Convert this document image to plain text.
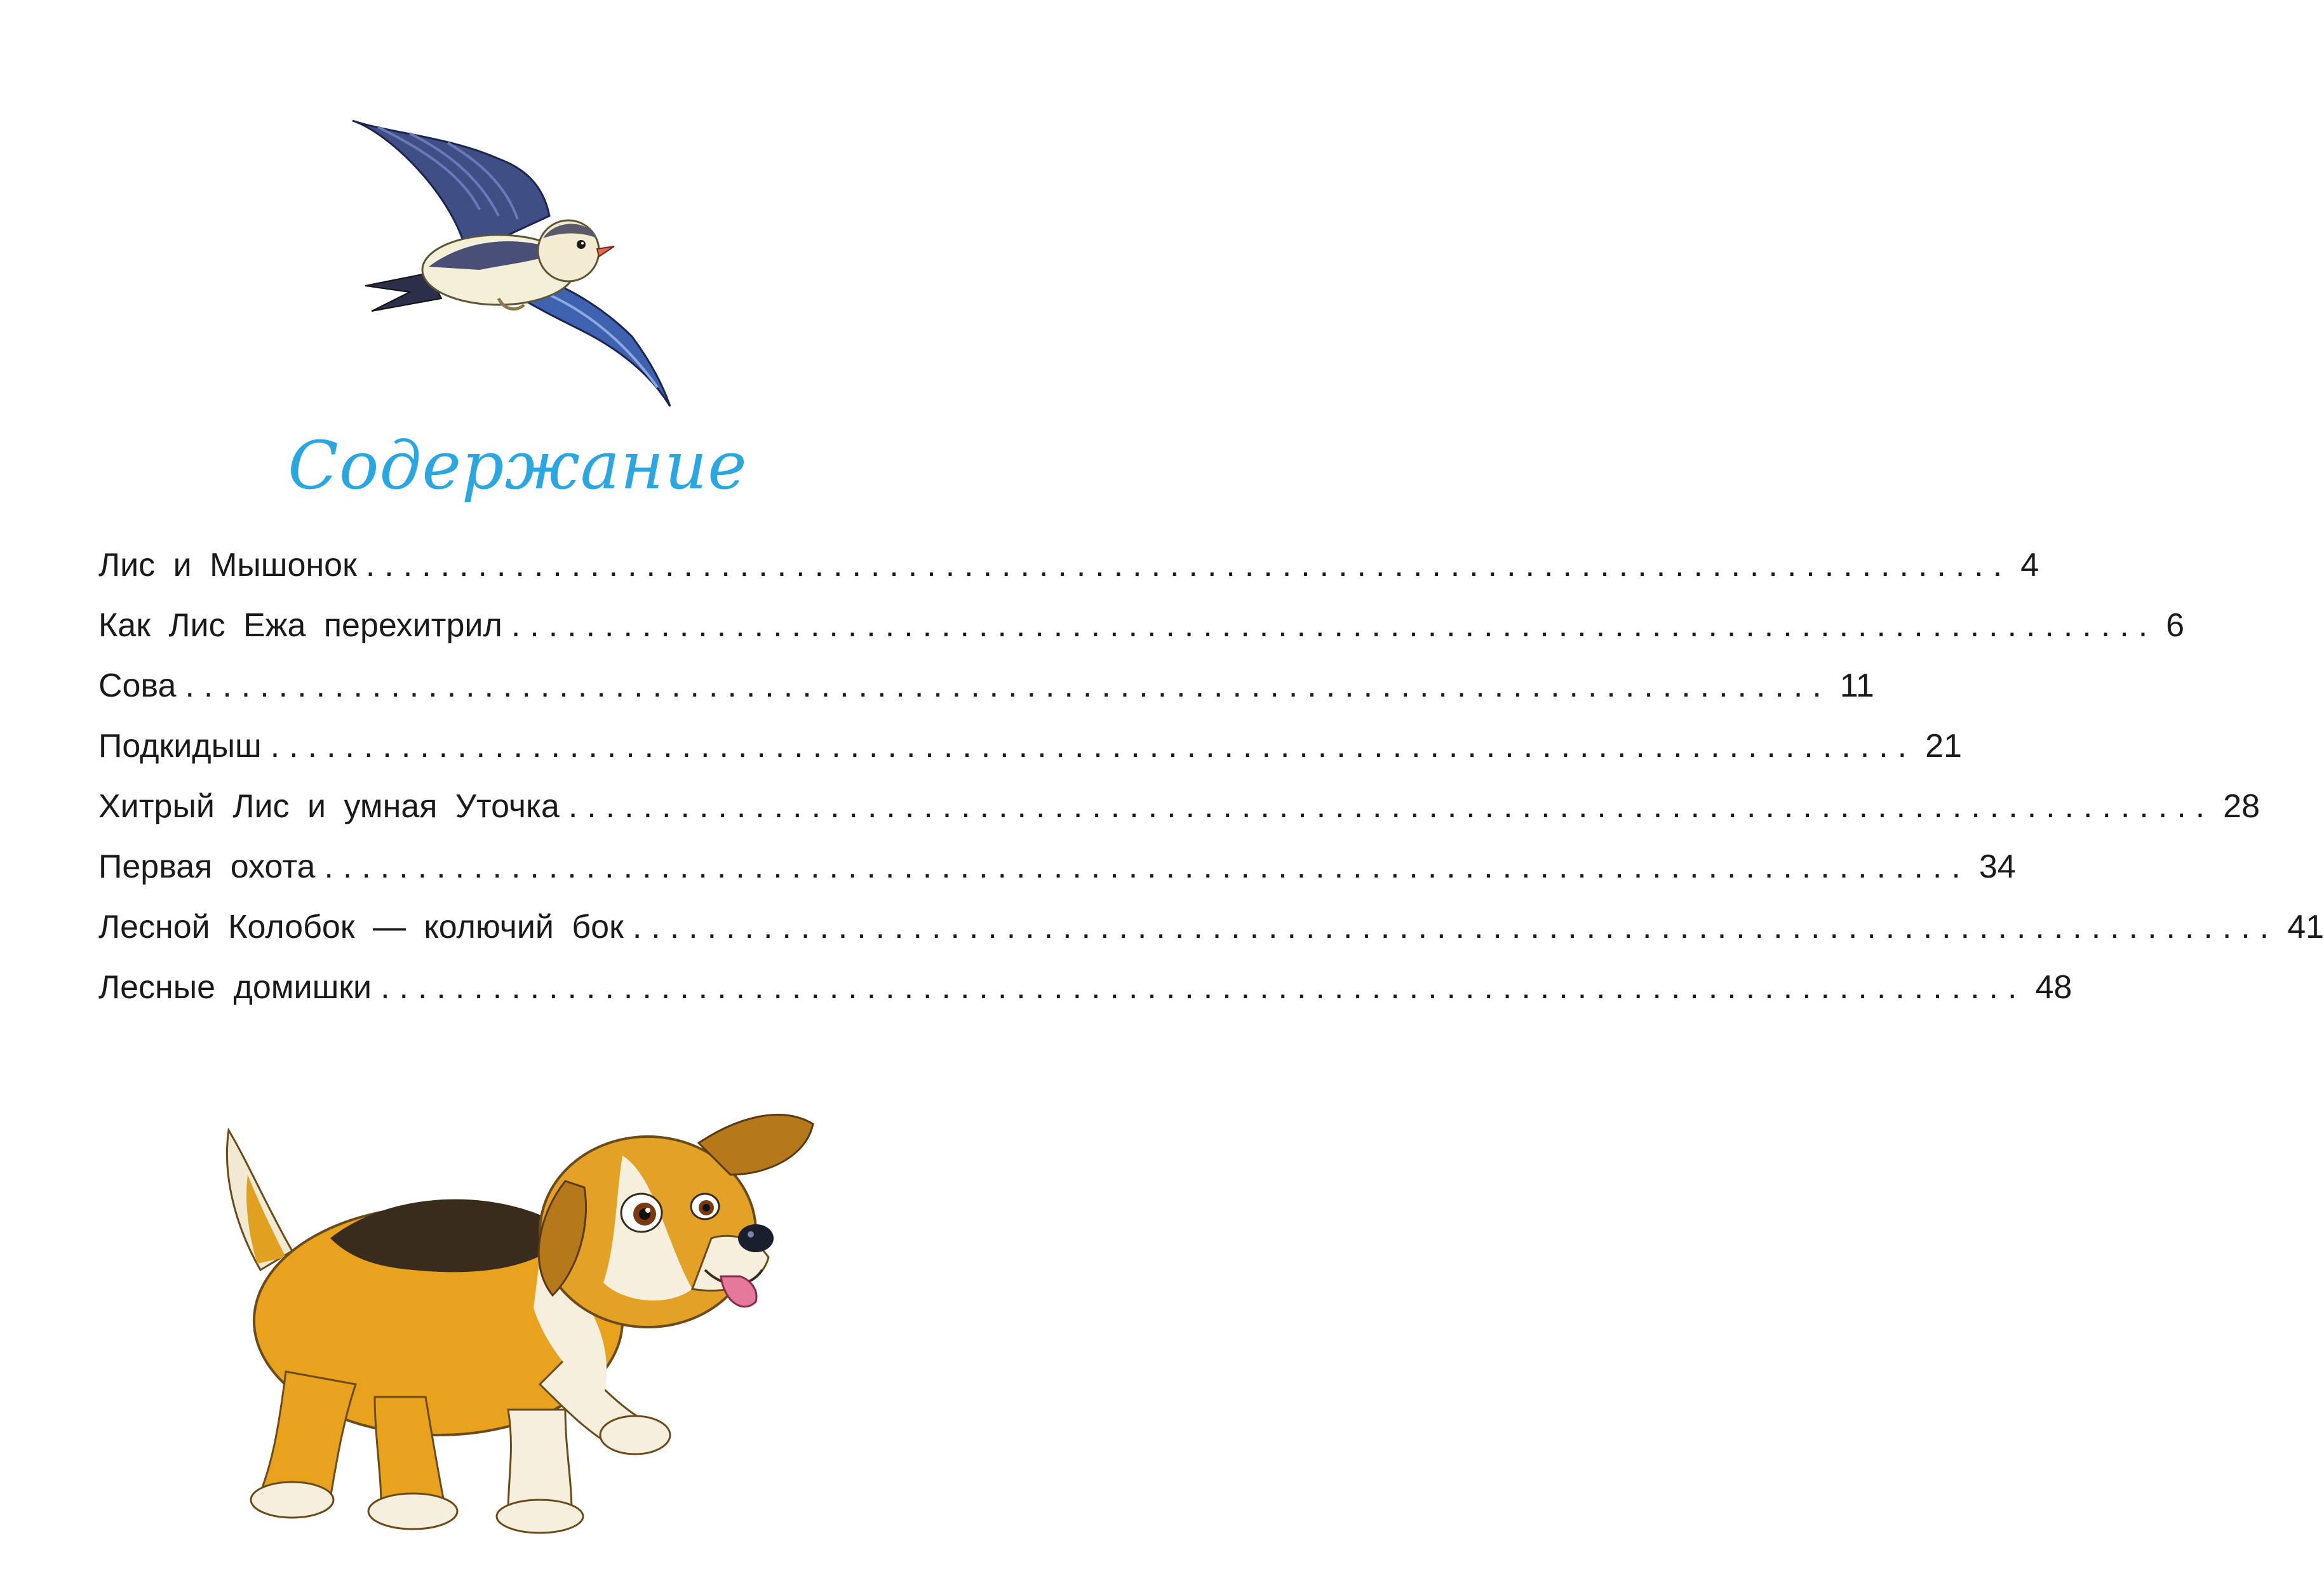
Содержание
Лис и Мышонок ........................................................................................ 4
Как Лис Ежа перехитрил ........................................................................................ 6
Сова ........................................................................................ 11
Подкидыш ........................................................................................ 21
Хитрый Лис и умная Уточка ........................................................................................ 28
Первая охота ........................................................................................ 34
Лесной Колобок — колючий бок ........................................................................................ 41
Лесные домишки ........................................................................................ 48
